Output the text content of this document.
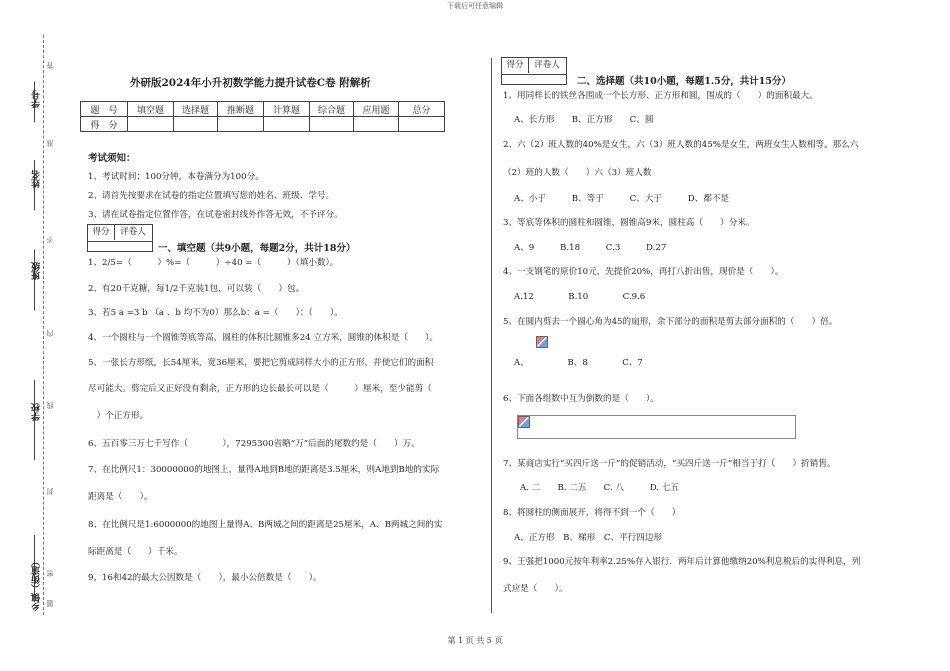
下载后可任意编辑
学号
姓名
班级
学校
乡镇（街道）
答
准
不
内
线
封
密
题
外研版2024年小升初数学能力提升试卷C卷 附解析
题　号	填空题	选择题	推断题	计算题	综合题	应用题	总分
得　分							
考试须知：
1、考试时间：100分钟，本卷满分为100分。
2、请首先按要求在试卷的指定位置填写您的姓名、班级、学号。
3、请在试卷指定位置作答，在试卷密封线外作答无效，不予评分。
得分 评卷人
一、填空题（共9小题，每题2分，共计18分）
1、2/5=（　　　）%=（　　　）÷40 =（　　　）（填小数）。
2、有20千克糖，每1/2千克装1包，可以装（　　）包。
3、若5 a =3 b （a 、b 均不为0）那么b：a =（　　）：（　　）。
4、一个圆柱与一个圆锥等底等高，圆柱的体积比圆锥多24 立方米，圆锥的体积是（　　）。
5、一张长方形纸，长54厘米，宽36厘米，要把它剪成同样大小的正方形，并使它们的面积
尽可能大。剪完后又正好没有剩余，正方形的边长最长可以是（　　　）厘米，至少能剪（
　）个正方形。
6、五百零三万七千写作（　　　　），7295300省略“万”后面的尾数约是（　　）万。
7、在比例尺1：30000000的地图上，量得A地到B地的距离是3.5厘米，则A地到B地的实际
距离是（　　）。
8、在比例尺是1:6000000的地图上量得A、B两城之间的距离是25厘米，A、B两城之间的实
际距离是（　　）千米。
9、16和42的最大公因数是（　　），最小公倍数是（　　）。
得分 评卷人
二、选择题（共10小题，每题1.5分，共计15分）
1、用同样长的铁丝各围成一个长方形、正方形和圆，围成的（　　）的面积最大。
A、长方形　　B、正方形　　C、圆
2、六（2）班人数的40%是女生，六（3）班人数的45%是女生，两班女生人数相等。那么六
（2）班的人数（　　）六（3）班人数
A、小于　　　B、等于　　　C、大于　　　D、都不是
3、等底等体积的圆柱和圆锥，圆锥高9米，圆柱高（　　）分米。
A、9　　　B.18　　　C.3　　　D.27
4、一支钢笔的原价10元，先提价20%，再打八折出售，现价是（　　）。
A.12　　　　B.10　　　　C.9.6
5、在圆内剪去一个圆心角为45的扇形，余下部分的面积是剪去部分面积的（　　）倍。
A、　　　　　B、8　　　　C、7
6、下面各组数中互为倒数的是（　　）。
7、某商店实行“买四斤送一斤”的促销活动，“买四斤送一斤”相当于打（　　）折销售。
A. 二　　B. 二五　　C. 八　　　D. 七五
8、将圆柱的侧面展开，将得不到一个（　　）
A、正方形　B、梯形　C、平行四边形
9、王强把1000元按年利率2.25%存入银行．两年后计算他缴纳20%利息税后的实得利息，列
式应是（　　）。
第 1 页 共 5 页
